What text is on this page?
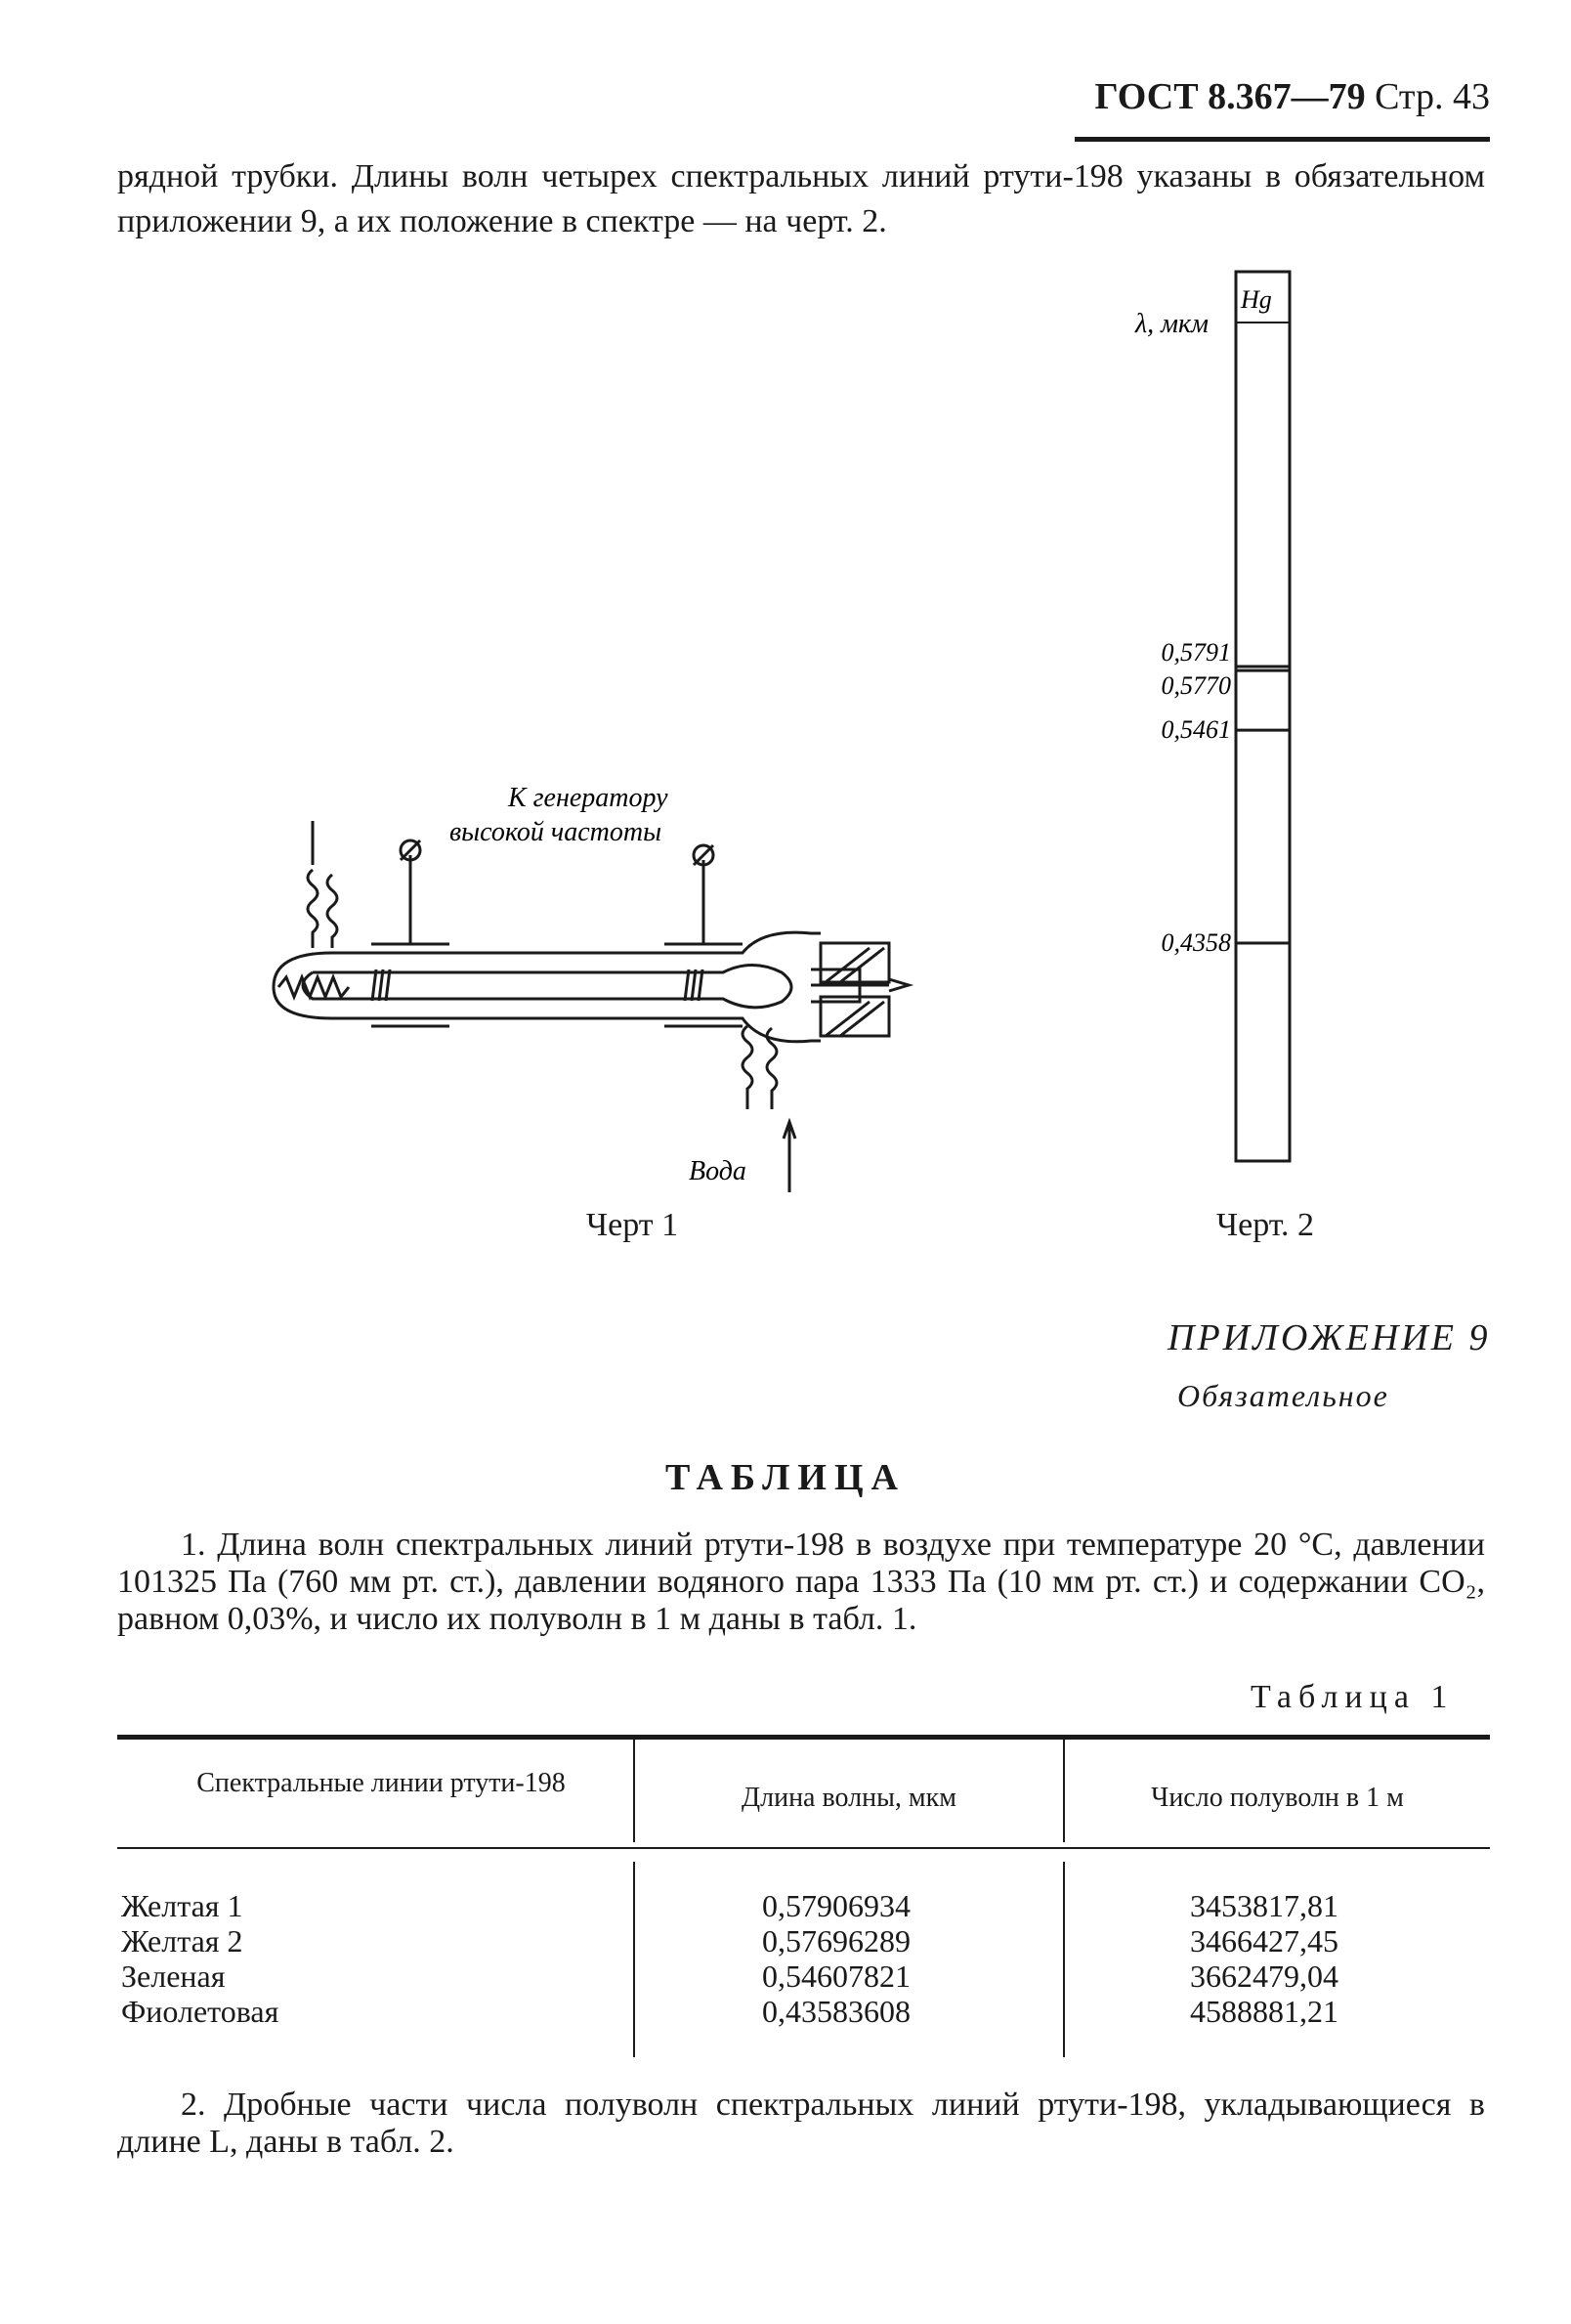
ГОСТ 8.367—79 Стр. 43
рядной трубки. Длины волн четырех спектральных линий ртути-198 указаны в обязательном приложении 9, а их положение в спектре — на черт. 2.
К генератору
высокой частоты
Вода
Черт 1
Hg
λ, мкм
0,5791
0,5770
0,5461
0,4358
Черт. 2
ПРИЛОЖЕНИЕ 9
Обязательное
ТАБЛИЦА
1. Длина волн спектральных линий ртути-198 в воздухе при температуре 20 °C, давлении 101325 Па (760 мм рт. ст.), давлении водяного пара 1333 Па (10 мм рт. ст.) и содержании CO₂, равном 0,03%, и число их полуволн в 1 м даны в табл. 1.
Таблица 1
Спектральные линии ртути-198	Длина волны, мкм	Число полуволн в 1 м
Желтая 1
Желтая 2
Зеленая
Фиолетовая
0,57906934
0,57696289
0,54607821
0,43583608
3453817,81
3466427,45
3662479,04
4588881,21
2. Дробные части числа полуволн спектральных линий ртути-198, укладывающиеся в длине L, даны в табл. 2.
